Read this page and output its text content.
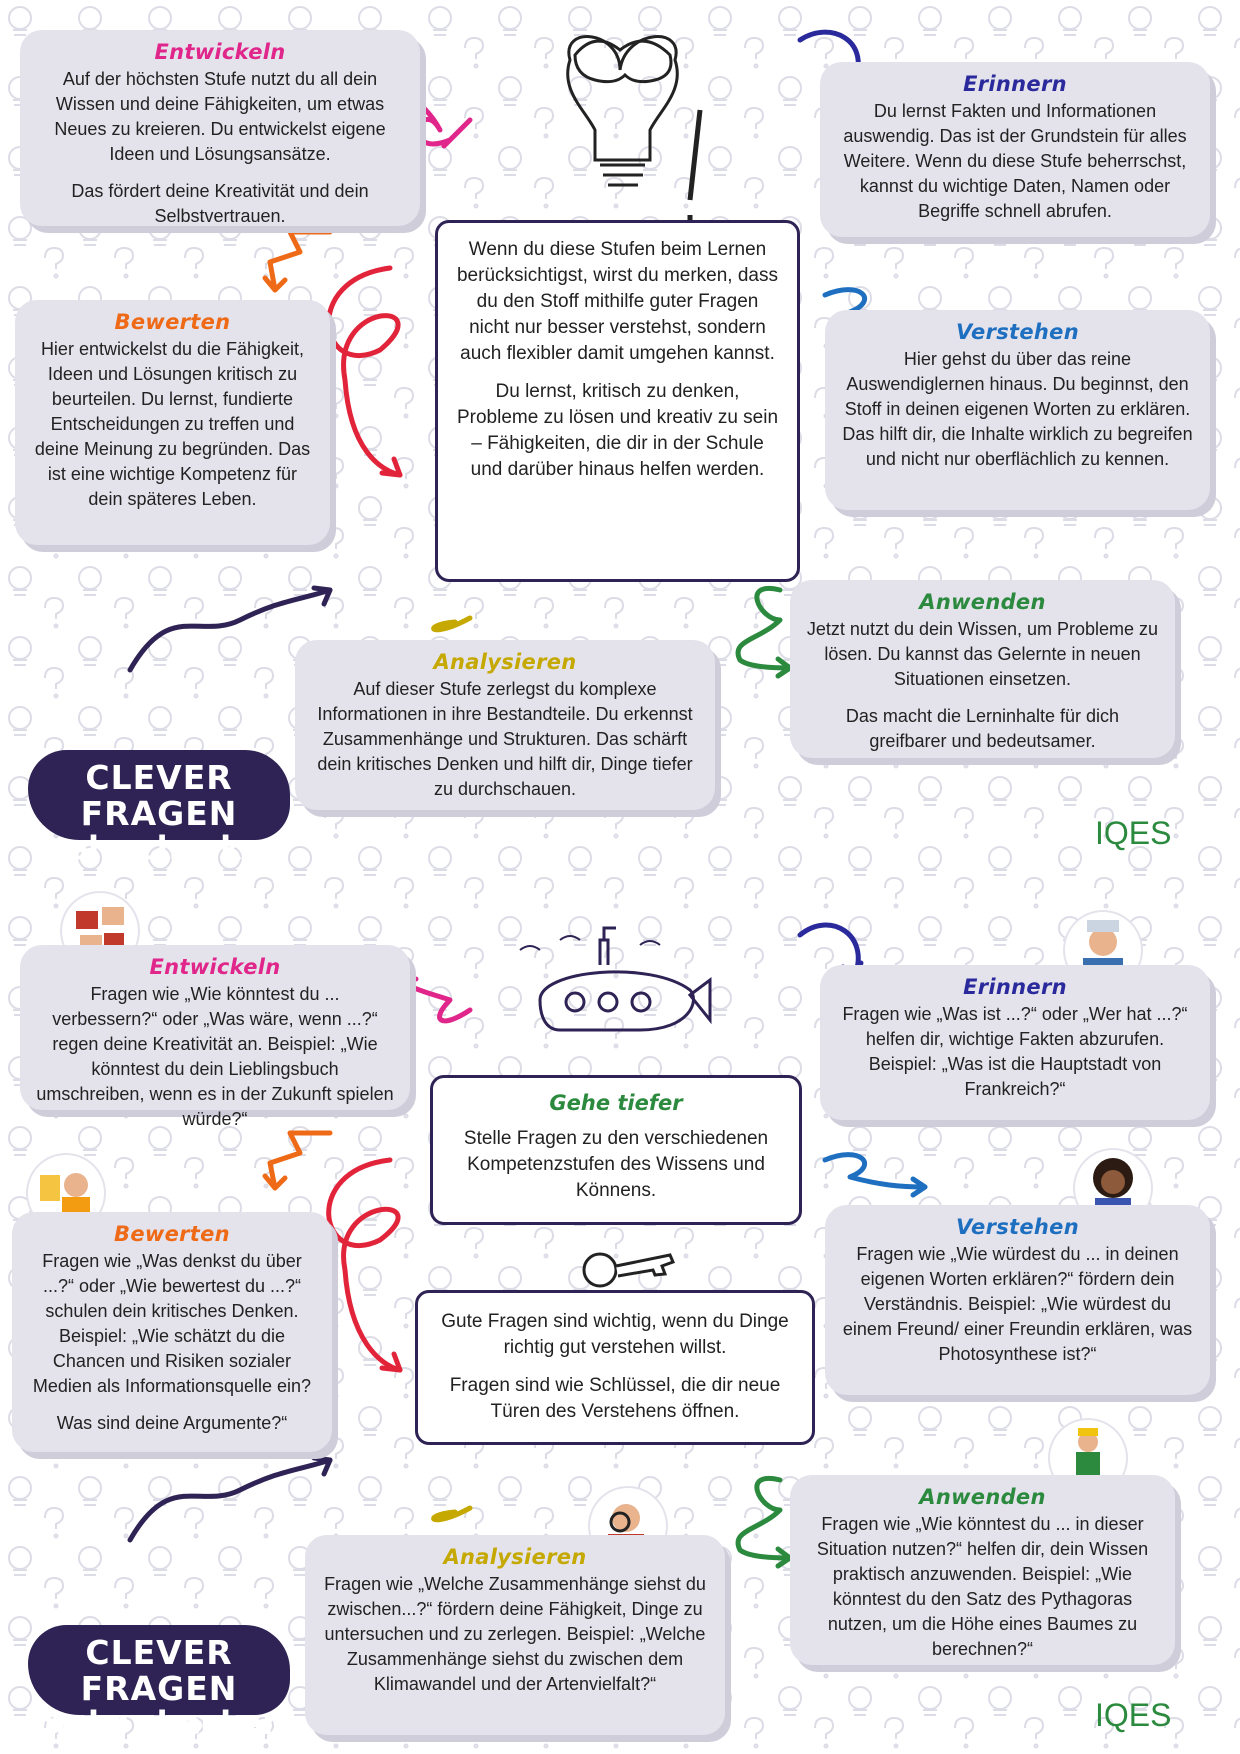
Entwickeln

Auf der höchsten Stufe nutzt du all dein Wissen und deine Fähigkeiten, um etwas Neues zu kreieren. Du entwickelst eigene Ideen und Lösungsansätze.

Das fördert deine Kreativität und dein Selbstvertrauen.

Erinnern

Du lernst Fakten und Informationen auswendig. Das ist der Grundstein für alles Weitere. Wenn du diese Stufe beherrschst, kannst du wichtige Daten, Namen oder Begriffe schnell abrufen.

Bewerten

Hier entwickelst du die Fähigkeit, Ideen und Lösungen kritisch zu beurteilen. Du lernst, fundierte Entscheidungen zu treffen und deine Meinung zu begründen. Das ist eine wichtige Kompetenz für dein späteres Leben.

Wenn du diese Stufen beim Lernen berücksichtigst, wirst du merken, dass du den Stoff mithilfe guter Fragen nicht nur besser verstehst, sondern auch flexibler damit umgehen kannst.

Du lernst, kritisch zu denken, Probleme zu lösen und kreativ zu sein – Fähigkeiten, die dir in der Schule und darüber hinaus helfen werden.

Verstehen

Hier gehst du über das reine Auswendiglernen hinaus. Du beginnst, den Stoff in deinen eigenen Worten zu erklären. Das hilft dir, die Inhalte wirklich zu begreifen und nicht nur oberflächlich zu kennen.

Anwenden

Jetzt nutzt du dein Wissen, um Probleme zu lösen. Du kannst das Gelernte in neuen Situationen einsetzen.

Das macht die Lerninhalte für dich greifbarer und bedeutsamer.

Analysieren

Auf dieser Stufe zerlegst du komplexe Informationen in ihre Bestandteile. Du erkennst Zusammenhänge und Strukturen. Das schärft dein kritisches Denken und hilft dir, Dinge tiefer zu durchschauen.

CLEVER FRAGEN
mehr checken	IQES
Entwickeln

Fragen wie „Wie könntest du ... verbessern?“ oder „Was wäre, wenn ...?“ regen deine Kreativität an. Beispiel: „Wie könntest du dein Lieblingsbuch umschreiben, wenn es in der Zukunft spielen würde?“

Erinnern

Fragen wie „Was ist ...?“ oder „Wer hat ...?“ helfen dir, wichtige Fakten abzurufen. Beispiel: „Was ist die Hauptstadt von Frankreich?“

Gehe tiefer

Stelle Fragen zu den verschiedenen Kompetenzstufen des Wissens und Könnens.

Bewerten

Fragen wie „Was denkst du über ...?“ oder „Wie bewertest du ...?“ schulen dein kritisches Denken. Beispiel: „Wie schätzt du die Chancen und Risiken sozialer Medien als Informationsquelle ein?

Was sind deine Argumente?“

Gute Fragen sind wichtig, wenn du Dinge richtig gut verstehen willst.

Fragen sind wie Schlüssel, die dir neue Türen des Verstehens öffnen.

Verstehen

Fragen wie „Wie würdest du ... in deinen eigenen Worten erklären?“ fördern dein Verständnis. Beispiel: „Wie würdest du einem Freund/ einer Freundin erklären, was Photosynthese ist?“

Anwenden

Fragen wie „Wie könntest du ... in dieser Situation nutzen?“ helfen dir, dein Wissen praktisch anzuwenden. Beispiel: „Wie könntest du den Satz des Pythagoras nutzen, um die Höhe eines Baumes zu berechnen?“

Analysieren

Fragen wie „Welche Zusammenhänge siehst du zwischen...?“ fördern deine Fähigkeit, Dinge zu untersuchen und zu zerlegen. Beispiel: „Welche Zusammenhänge siehst du zwischen dem Klimawandel und der Artenvielfalt?“

CLEVER FRAGEN
mehr checken	IQES
